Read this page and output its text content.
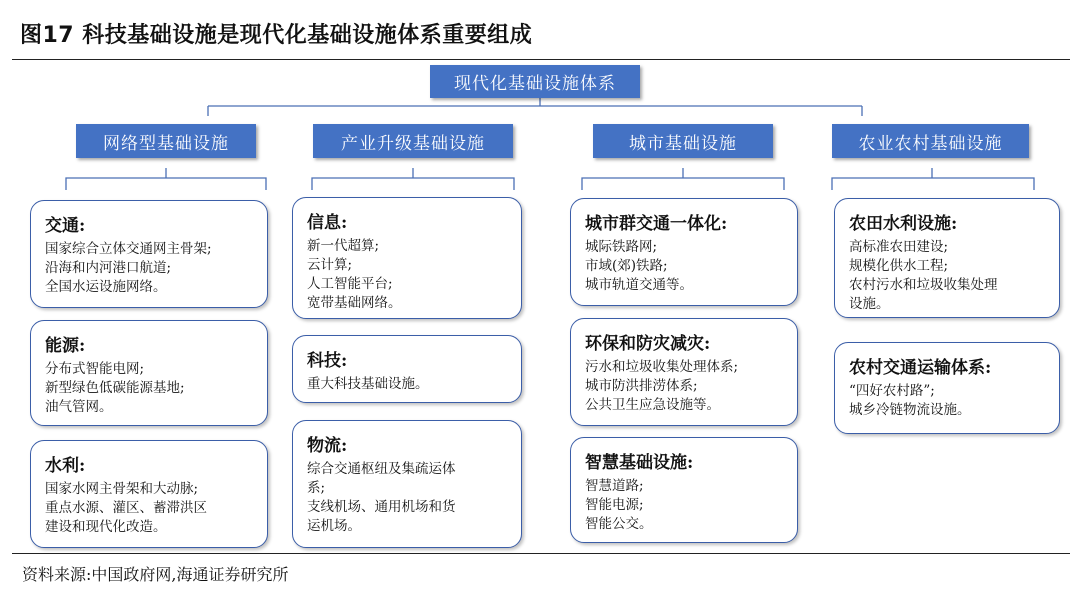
图17 科技基础设施是现代化基础设施体系重要组成
现代化基础设施体系
网络型基础设施	产业升级基础设施	城市基础设施	农业农村基础设施
交通:
国家综合立体交通网主骨架;
沿海和内河港口航道;
全国水运设施网络。
能源:
分布式智能电网;
新型绿色低碳能源基地;
油气管网。
水利:
国家水网主骨架和大动脉;
重点水源、灌区、蓄滞洪区
建设和现代化改造。
信息:
新一代超算;
云计算;
人工智能平台;
宽带基础网络。
科技:
重大科技基础设施。
物流:
综合交通枢纽及集疏运体
系;
支线机场、通用机场和货
运机场。
城市群交通一体化:
城际铁路网;
市域(郊)铁路;
城市轨道交通等。
环保和防灾减灾:
污水和垃圾收集处理体系;
城市防洪排涝体系;
公共卫生应急设施等。
智慧基础设施:
智慧道路;
智能电源;
智能公交。
农田水利设施:
高标准农田建设;
规模化供水工程;
农村污水和垃圾收集处理
设施。
农村交通运输体系:
“四好农村路”;
城乡冷链物流设施。
资料来源:中国政府网,海通证券研究所
